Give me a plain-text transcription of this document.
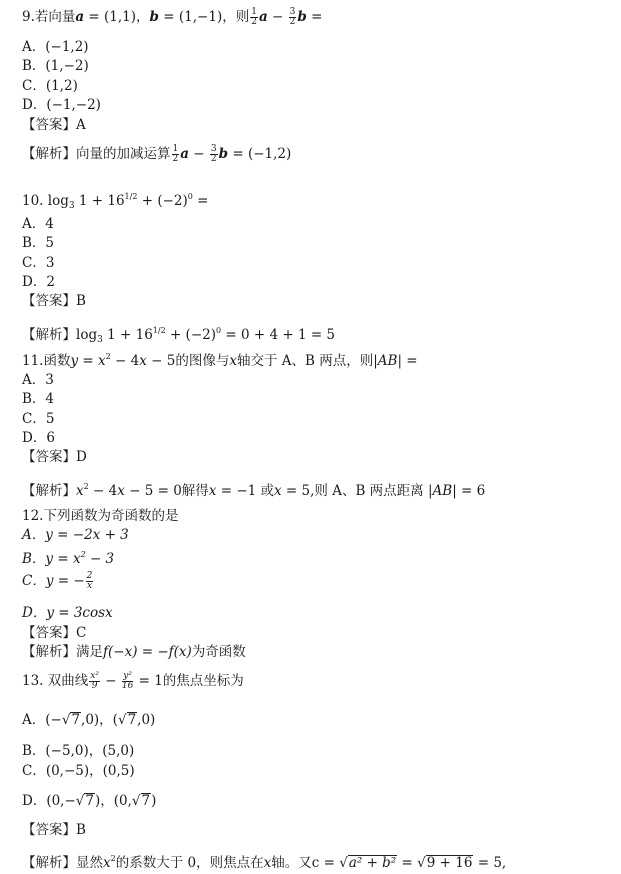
9.若向量a = (1,1)，b = (1,−1)，则 $\frac{1}{2}$ $a - \frac{3}{2}$ b =
A．(−1,2)
B．(1,−2)
C．(1,2)
D．(−1,−2)
【答案】A
【解析】向量的加减运算 $\frac{1}{2}$ $a - \frac{3}{2}$ b = (−1,2)
10. $\log_3 1 + 16^{1/2} + (-2)^0$ =
A．4
B．5
C．3
D．2
【答案】B
【解析】$\log_3 1 + 16^{1/2} + (-2)^0 = 0 + 4 + 1 = 5$
11.函数$y = x^2 - 4x - 5$的图像与x轴交于 A、B 两点，则|AB| =
A．3
B．4
C．5
D．6
【答案】D
【解析】$x^2 - 4x - 5 = 0$解得x = −1 或x = 5,则 A、B 两点距离 |AB| = 6
12.下列函数为奇函数的是
A．y = −2x + 3
B．$y = x^2 - 3$
C．y = − $\frac{2}{x}$
D．y = 3cosx
【答案】C
【解析】满足f(−x) = −f(x)为奇函数
13. 双曲线 $\frac{\text{x²}}{9} - \frac{\text{y²}}{16} = 1$的焦点坐标为
A．(−√7,0)，(√7,0)
B．(−5,0)，(5,0)
C．(0,−5)，(0,5)
D．(0,−√7)，(0,√7)
【答案】B
【解析】显然$x^2$的系数大于 0，则焦点在x轴。又c = √a² + b² = √9 + 16 = 5,
